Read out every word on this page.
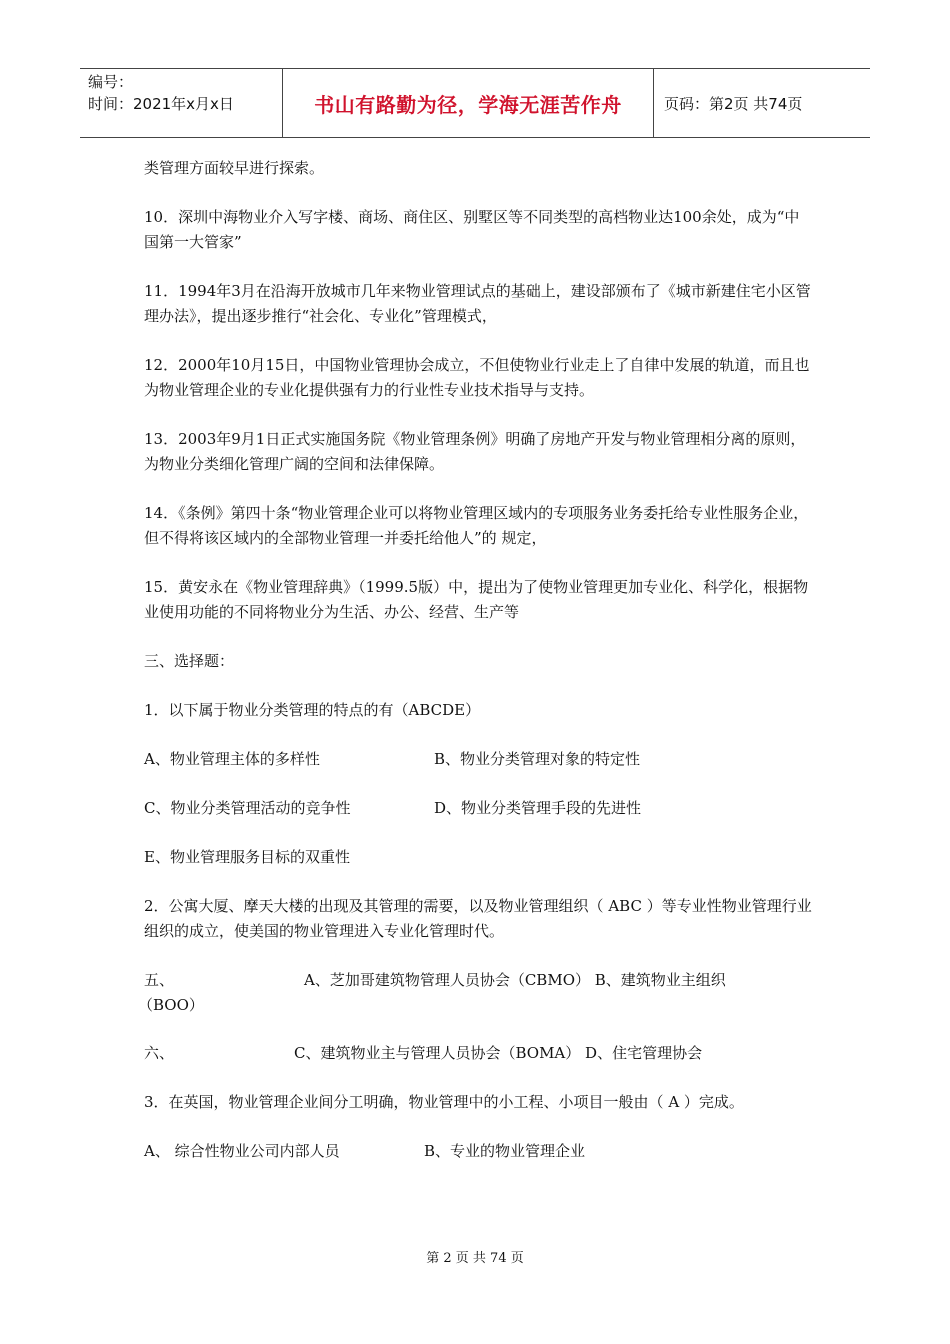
编号：
时间：2021年x月x日	书山有路勤为径，学海无涯苦作舟	页码：第2页 共74页

类管理方面较早进行探索。

10．深圳中海物业介入写字楼、商场、商住区、别墅区等不同类型的高档物业达100余处，成为“中国第一大管家”

11．1994年3月在沿海开放城市几年来物业管理试点的基础上，建设部颁布了《城市新建住宅小区管理办法》，提出逐步推行“社会化、专业化”管理模式，

12．2000年10月15日，中国物业管理协会成立，不但使物业行业走上了自律中发展的轨道，而且也为物业管理企业的专业化提供强有力的行业性专业技术指导与支持。

13．2003年9月1日正式实施国务院《物业管理条例》明确了房地产开发与物业管理相分离的原则，为物业分类细化管理广阔的空间和法律保障。

14．《条例》第四十条“物业管理企业可以将物业管理区域内的专项服务业务委托给专业性服务企业，但不得将该区域内的全部物业管理一并委托给他人”的 规定，

15．黄安永在《物业管理辞典》（1999.5版）中，提出为了使物业管理更加专业化、科学化，根据物业使用功能的不同将物业分为生活、办公、经营、生产等

三、选择题：

1．以下属于物业分类管理的特点的有（ABCDE）

A、物业管理主体的多样性	B、物业分类管理对象的特定性
C、物业分类管理活动的竞争性	D、物业分类管理手段的先进性

E、物业管理服务目标的双重性

2．公寓大厦、摩天大楼的出现及其管理的需要，以及物业管理组织（ ABC ）等专业性物业管理行业组织的成立，使美国的物业管理进入专业化管理时代。

五、	A、芝加哥建筑物管理人员协会（CBMO） B、建筑物业主组织
（BOO）
六、	C、建筑物业主与管理人员协会（BOMA） D、住宅管理协会

3．在英国，物业管理企业间分工明确，物业管理中的小工程、小项目一般由（ A ）完成。

A、 综合性物业公司内部人员	B、专业的物业管理企业
第 2 页 共 74 页
